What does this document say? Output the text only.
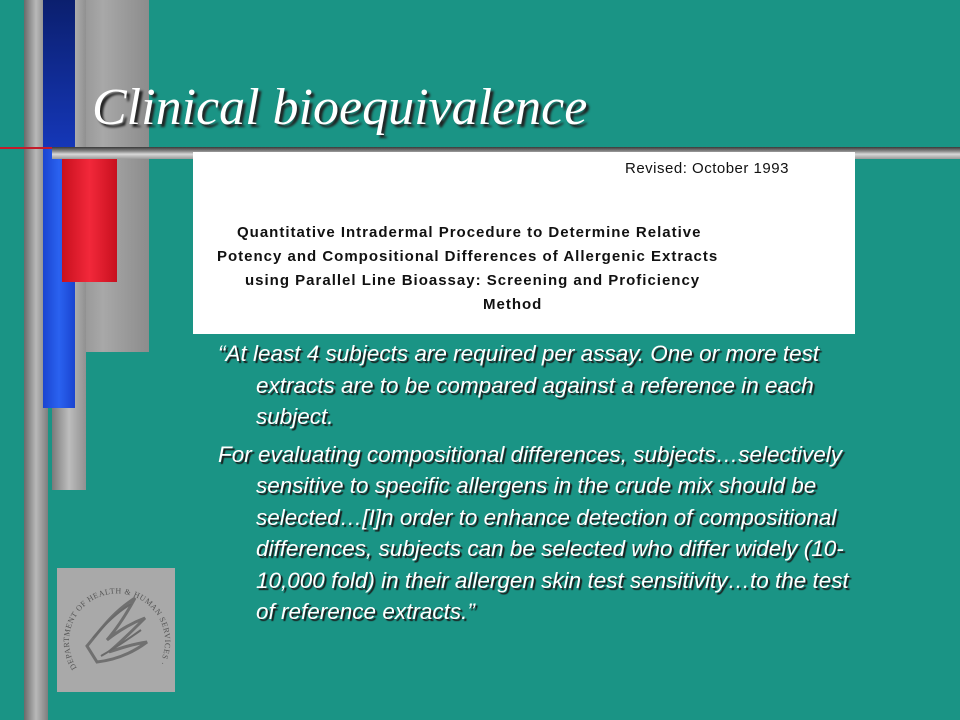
Clinical bioequivalence
Revised: October 1993
Quantitative Intradermal Procedure to Determine Relative
Potency and Compositional Differences of Allergenic Extracts
using Parallel Line Bioassay: Screening and Proficiency
Method

“At least 4 subjects are required per assay. One or more test extracts are to be compared against a reference in each subject.

For evaluating compositional differences, subjects…selectively sensitive to specific allergens in the crude mix should be selected…[I]n order to enhance detection of compositional differences, subjects can be selected who differ widely (10-10,000 fold) in their allergen skin test sensitivity…to the test of reference extracts.”

DEPARTMENT OF HEALTH & HUMAN SERVICES ·
